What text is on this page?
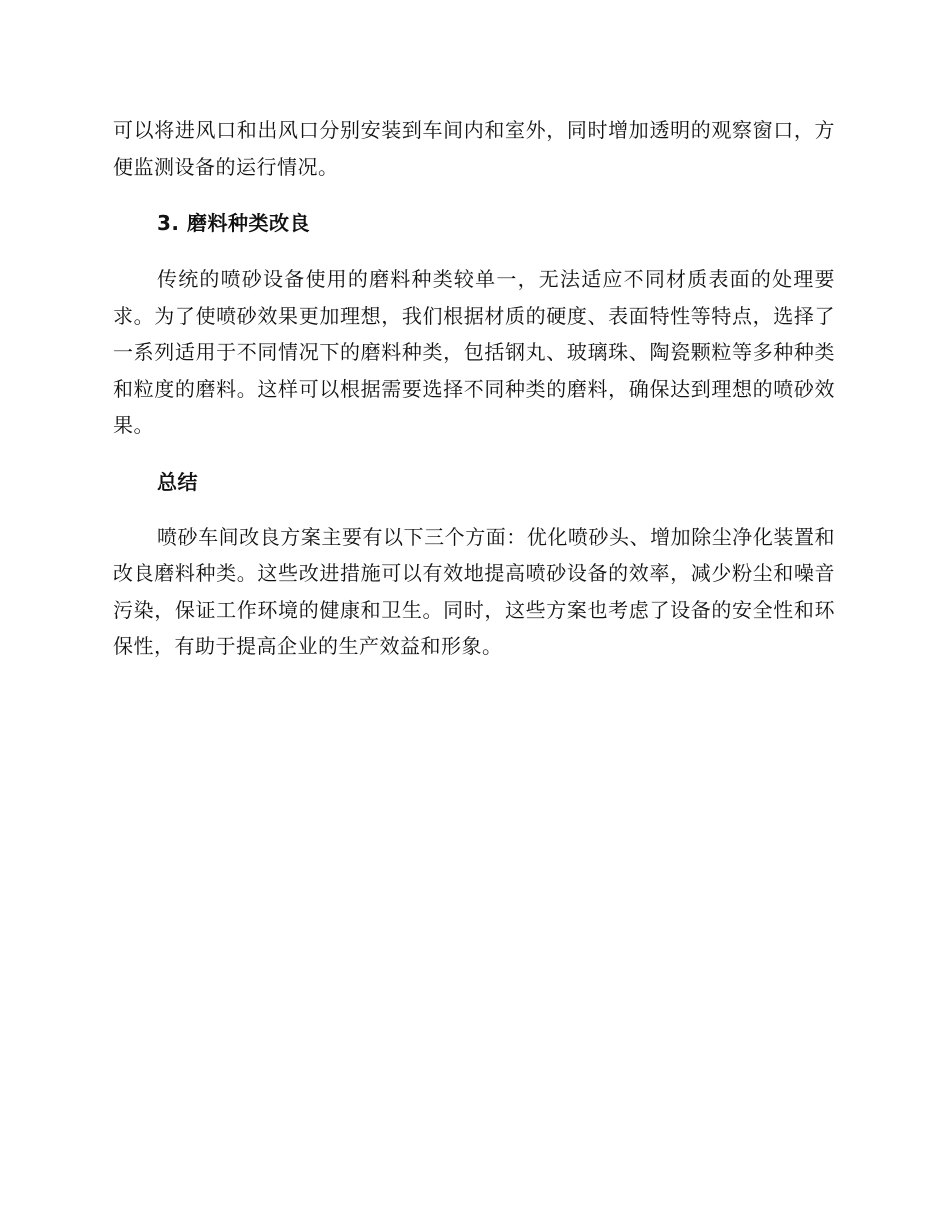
可以将进风口和出风口分别安装到车间内和室外，同时增加透明的观察窗口，方便监测设备的运行情况。

3. 磨料种类改良

传统的喷砂设备使用的磨料种类较单一，无法适应不同材质表面的处理要求。为了使喷砂效果更加理想，我们根据材质的硬度、表面特性等特点，选择了一系列适用于不同情况下的磨料种类，包括钢丸、玻璃珠、陶瓷颗粒等多种种类和粒度的磨料。这样可以根据需要选择不同种类的磨料，确保达到理想的喷砂效果。

总结

喷砂车间改良方案主要有以下三个方面：优化喷砂头、增加除尘净化装置和改良磨料种类。这些改进措施可以有效地提高喷砂设备的效率，减少粉尘和噪音污染，保证工作环境的健康和卫生。同时，这些方案也考虑了设备的安全性和环保性，有助于提高企业的生产效益和形象。
